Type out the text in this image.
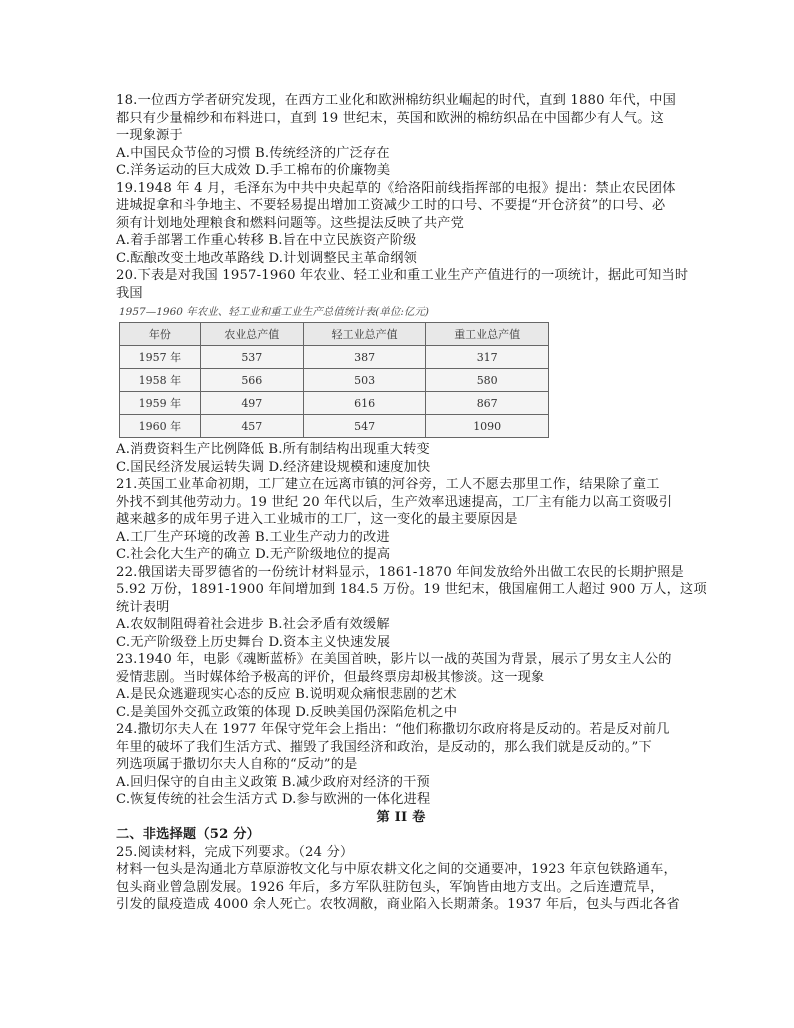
18.一位西方学者研究发现，在西方工业化和欧洲棉纺织业崛起的时代，直到 1880 年代，中国
都只有少量棉纱和布料进口，直到 19 世纪末，英国和欧洲的棉纺织品在中国都少有人气。这
一现象源于
A.中国民众节俭的习惯 B.传统经济的广泛存在
C.洋务运动的巨大成效 D.手工棉布的价廉物美
19.1948 年 4 月，毛泽东为中共中央起草的《给洛阳前线指挥部的电报》提出：禁止农民团体
进城捉拿和斗争地主、不要轻易提出增加工资减少工时的口号、不要提“开仓济贫”的口号、必
须有计划地处理粮食和燃料问题等。这些提法反映了共产党
A.着手部署工作重心转移 B.旨在中立民族资产阶级
C.酝酿改变土地改革路线 D.计划调整民主革命纲领
20.下表是对我国 1957-1960 年农业、轻工业和重工业生产产值进行的一项统计，据此可知当时
我国
1957—1960 年农业、轻工业和重工业生产总值统计表(单位:亿元)
年份	农业总产值	轻工业总产值	重工业总产值
1957 年	537	387	317
1958 年	566	503	580
1959 年	497	616	867
1960 年	457	547	1090
A.消费资料生产比例降低 B.所有制结构出现重大转变
C.国民经济发展运转失调 D.经济建设规模和速度加快
21.英国工业革命初期，工厂建立在远离市镇的河谷旁，工人不愿去那里工作，结果除了童工
外找不到其他劳动力。19 世纪 20 年代以后，生产效率迅速提高，工厂主有能力以高工资吸引
越来越多的成年男子进入工业城市的工厂，这一变化的最主要原因是
A.工厂生产环境的改善 B.工业生产动力的改进
C.社会化大生产的确立 D.无产阶级地位的提高
22.俄国诺夫哥罗德省的一份统计材料显示，1861-1870 年间发放给外出做工农民的长期护照是
5.92 万份，1891-1900 年间增加到 184.5 万份。19 世纪末，俄国雇佣工人超过 900 万人，这项
统计表明
A.农奴制阻碍着社会进步 B.社会矛盾有效缓解
C.无产阶级登上历史舞台 D.资本主义快速发展
23.1940 年，电影《魂断蓝桥》在美国首映，影片以一战的英国为背景，展示了男女主人公的
爱情悲剧。当时媒体给予极高的评价，但最终票房却极其惨淡。这一现象
A.是民众逃避现实心态的反应 B.说明观众痛恨悲剧的艺术
C.是美国外交孤立政策的体现 D.反映美国仍深陷危机之中
24.撒切尔夫人在 1977 年保守党年会上指出：“他们称撒切尔政府将是反动的。若是反对前几
年里的破坏了我们生活方式、摧毁了我国经济和政治，是反动的，那么我们就是反动的。”下
列选项属于撒切尔夫人自称的“反动”的是
A.回归保守的自由主义政策 B.减少政府对经济的干预
C.恢复传统的社会生活方式 D.参与欧洲的一体化进程
第 II 卷
二、非选择题（52 分）
25.阅读材料，完成下列要求。（24 分）
材料一包头是沟通北方草原游牧文化与中原农耕文化之间的交通要冲，1923 年京包铁路通车，
包头商业曾急剧发展。1926 年后，多方军队驻防包头，军饷皆由地方支出。之后连遭荒旱，
引发的鼠疫造成 4000 余人死亡。农牧凋敝，商业陷入长期萧条。1937 年后，包头与西北各省
